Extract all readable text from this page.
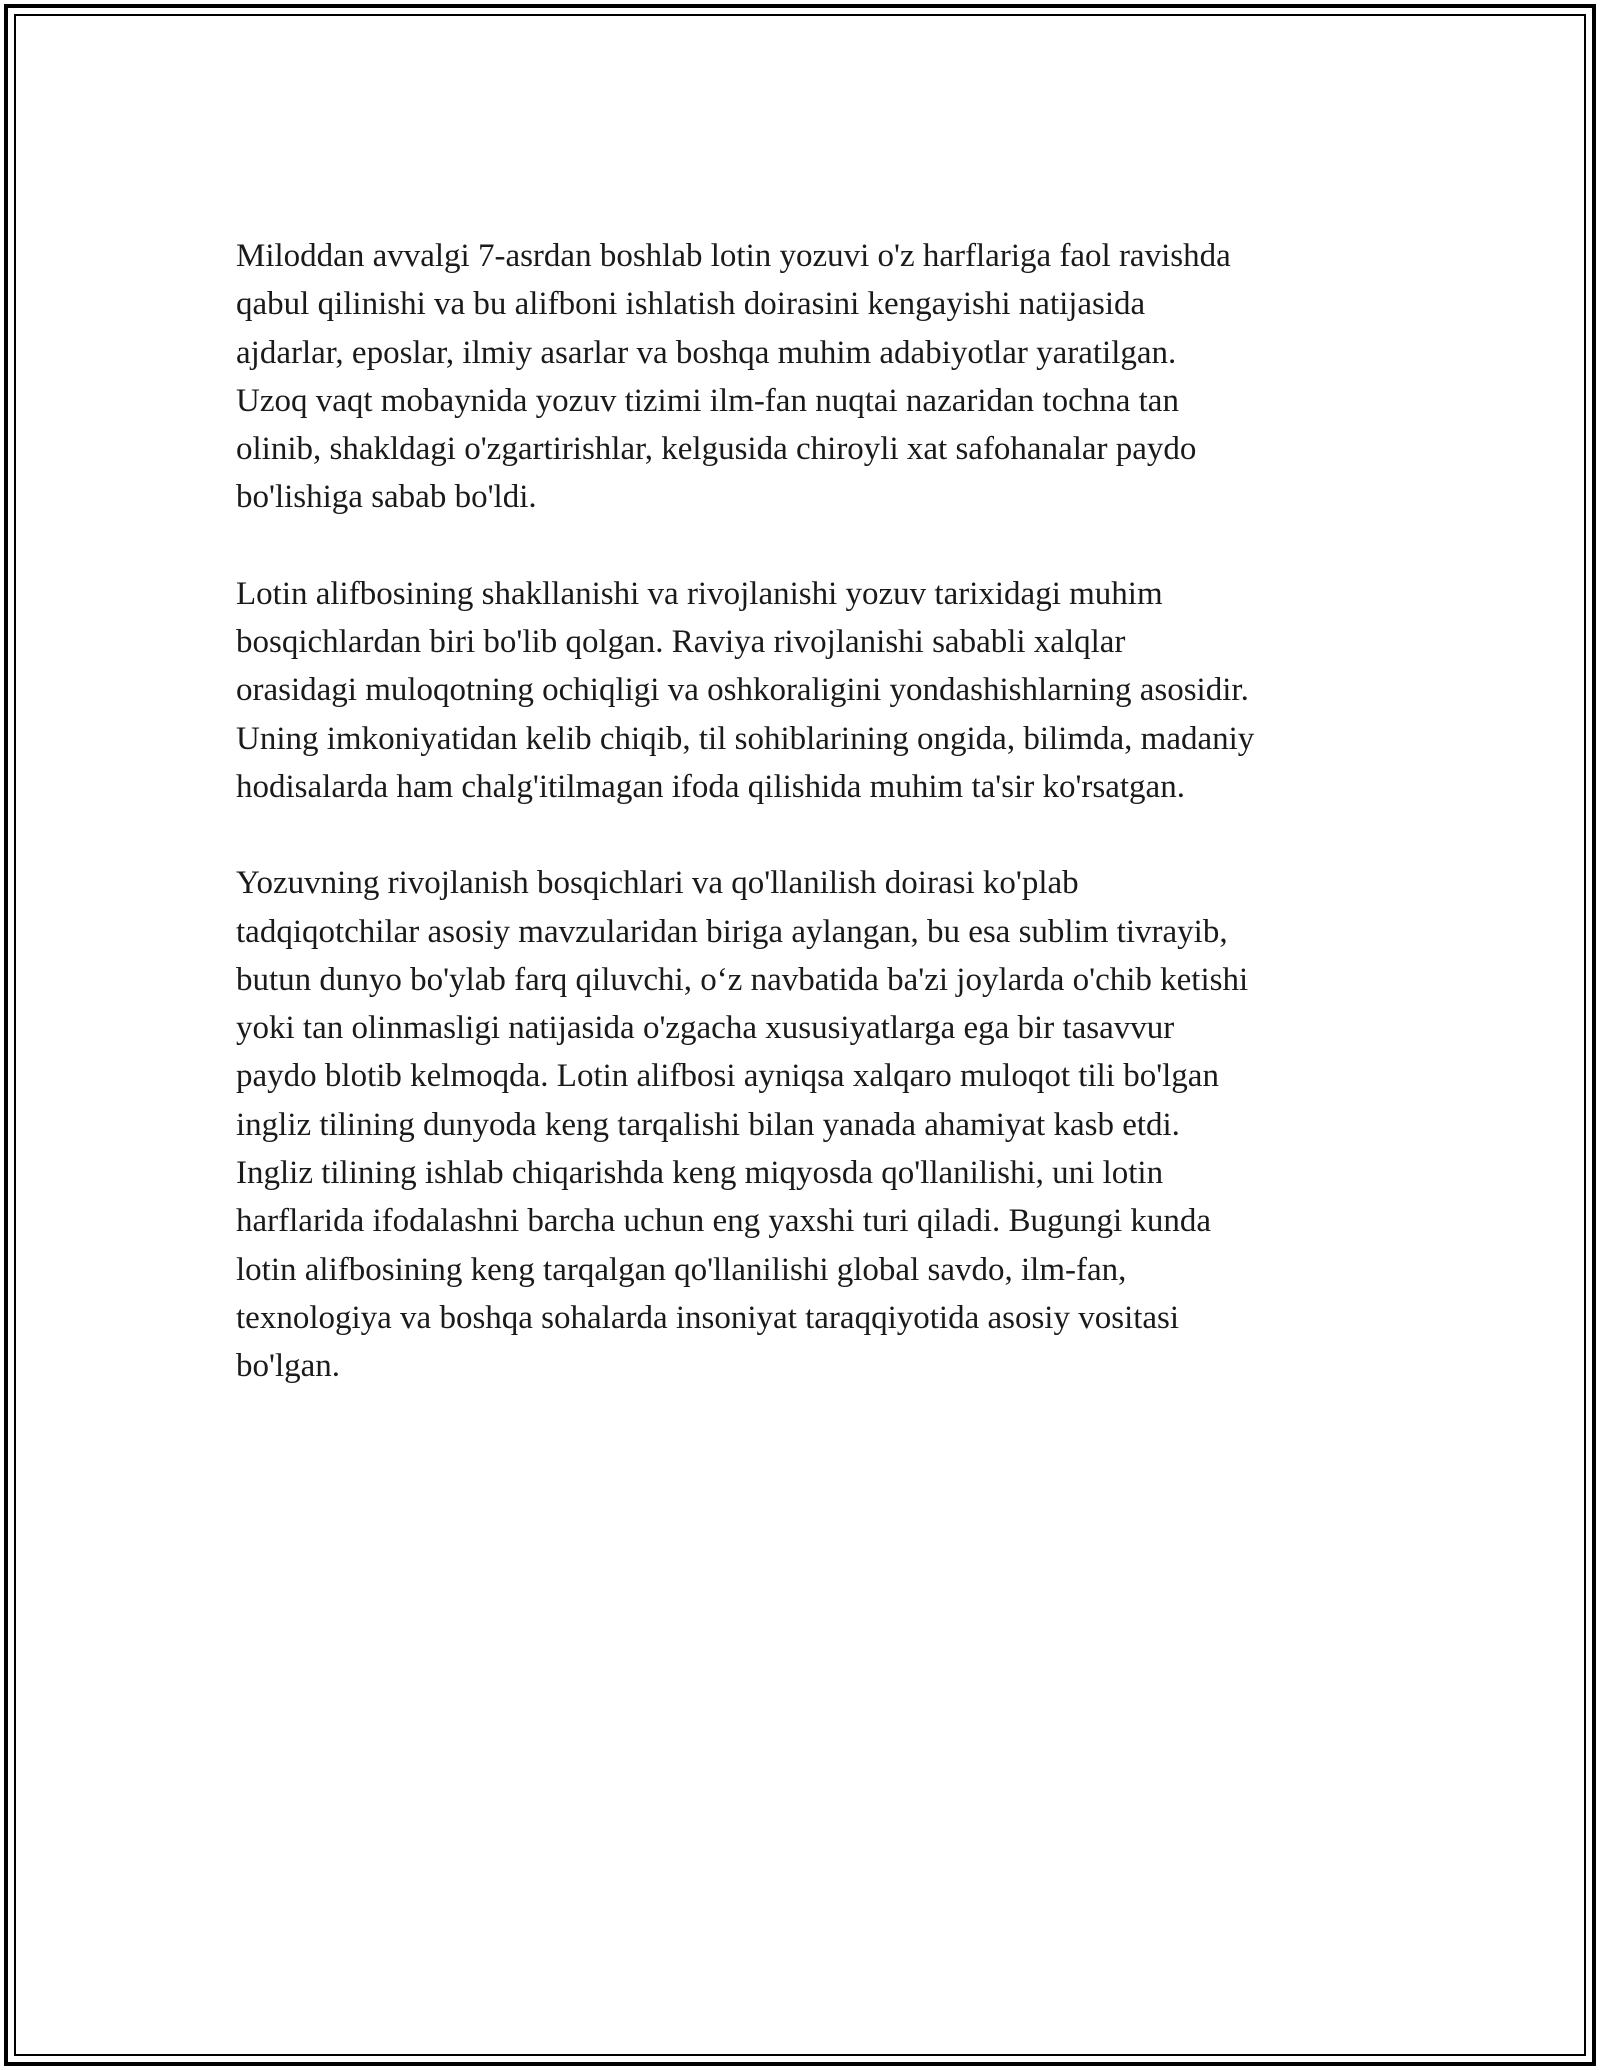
Miloddan avvalgi 7-asrdan boshlab lotin yozuvi o'z harflariga faol ravishda
qabul qilinishi va bu alifboni ishlatish doirasini kengayishi natijasida
ajdarlar, eposlar, ilmiy asarlar va boshqa muhim adabiyotlar yaratilgan.
Uzoq vaqt mobaynida yozuv tizimi ilm-fan nuqtai nazaridan tochna tan
olinib, shakldagi o'zgartirishlar, kelgusida chiroyli xat safohanalar paydo
bo'lishiga sabab bo'ldi.

Lotin alifbosining shakllanishi va rivojlanishi yozuv tarixidagi muhim
bosqichlardan biri bo'lib qolgan. Raviya rivojlanishi sababli xalqlar
orasidagi muloqotning ochiqligi va oshkoraligini yondashishlarning asosidir.
Uning imkoniyatidan kelib chiqib, til sohiblarining ongida, bilimda, madaniy
hodisalarda ham chalg'itilmagan ifoda qilishida muhim ta'sir ko'rsatgan.

Yozuvning rivojlanish bosqichlari va qo'llanilish doirasi ko'plab
tadqiqotchilar asosiy mavzularidan biriga aylangan, bu esa sublim tivrayib,
butun dunyo bo'ylab farq qiluvchi, o‘z navbatida ba'zi joylarda o'chib ketishi
yoki tan olinmasligi natijasida o'zgacha xususiyatlarga ega bir tasavvur
paydo blotib kelmoqda. Lotin alifbosi ayniqsa xalqaro muloqot tili bo'lgan
ingliz tilining dunyoda keng tarqalishi bilan yanada ahamiyat kasb etdi.
Ingliz tilining ishlab chiqarishda keng miqyosda qo'llanilishi, uni lotin
harflarida ifodalashni barcha uchun eng yaxshi turi qiladi. Bugungi kunda
lotin alifbosining keng tarqalgan qo'llanilishi global savdo, ilm-fan,
texnologiya va boshqa sohalarda insoniyat taraqqiyotida asosiy vositasi
bo'lgan.
